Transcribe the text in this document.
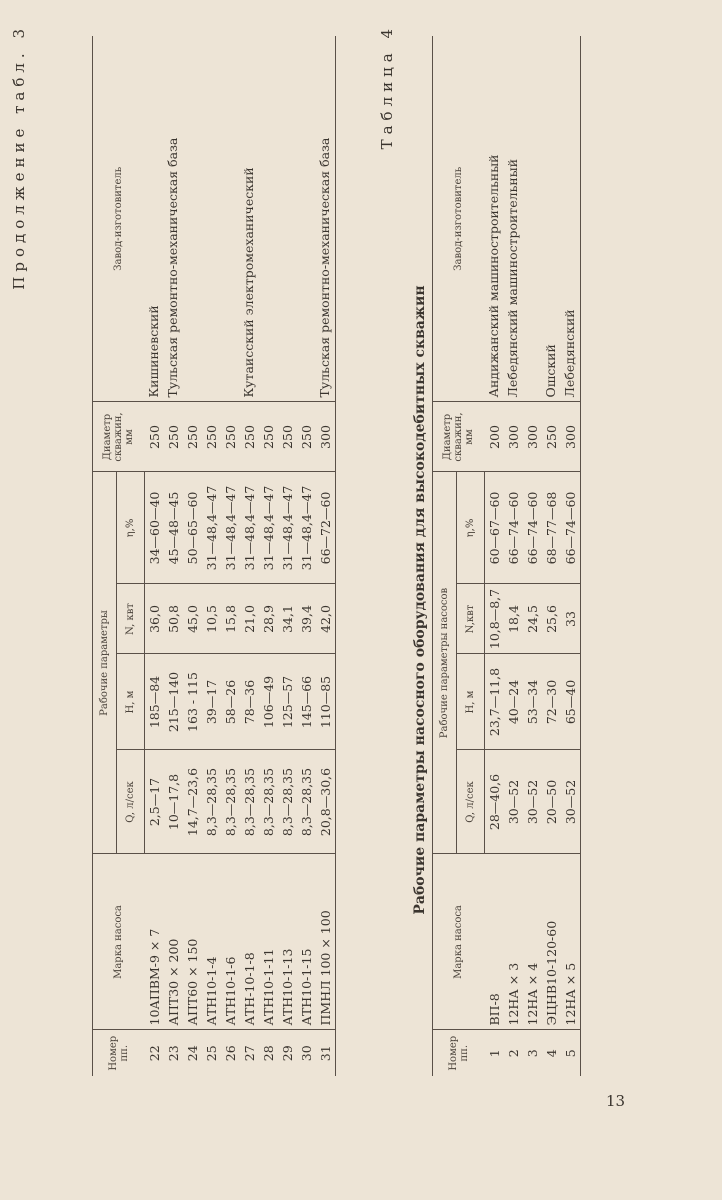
Продолжение табл. 3
Номер пп.	Марка насоса	Рабочие параметры				Диаметр скважин, мм	Завод-изготовитель
		Q, л/сек	H, м	N, квт	η,%		
22	10АПВМ-9 × 7	2,5—17	185—84	36,0	34—60—40	250	Кишиневский
23	АПТ30 × 200	10—17,8	215—140	50,8	45—48—45	250	Тульская ремонтно-механическая база
24	АПТ60 × 150	14,7—23,6	163 - 115	45,0	50—65—60	250	
25	АТН10-1-4	8,3—28,35	39—17	10,5	31—48,4—47	250	
26	АТН10-1-6	8,3—28,35	58—26	15,8	31—48,4—47	250	
27	АТН-10-1-8	8,3—28,35	78—36	21,0	31—48,4—47	250	Кутаисский электромеханический
28	АТН10-1-11	8,3—28,35	106—49	28,9	31—48,4—47	250	
29	АТН10-1-13	8,3—28,35	125—57	34,1	31—48,4—47	250	
30	АТН10-1-15	8,3—28,35	145—66	39,4	31—48,4—47	250	
31	ПМНЛ 100 × 100	20,8—30,6	110—85	42,0	66—72—60	300	Тульская ремонтно-механическая база
Таблица 4
Рабочие параметры насосного оборудования для высокодебитных скважин
Номер пп.	Марка насоса	Рабочие параметры насосов				Диаметр скважин, мм	Завод-изготовитель
		Q, л/сек	H, м	N,квт	η,%		
1	ВП-8	28—40,6	23,7—11,8	10,8—8,7	60—67—60	200	Андижанский машиностроительный
2	12НА × 3	30—52	40—24	18,4	66—74—60	300	Лебедянский машиностроительный
3	12НА × 4	30—52	53—34	24,5	66—74—60	300	
4	ЭЦНВ10-120-60	20—50	72—30	25,6	68—77—68	250	Ошский
5	12НА × 5	30—52	65—40	33	66—74—60	300	Лебедянский
13
